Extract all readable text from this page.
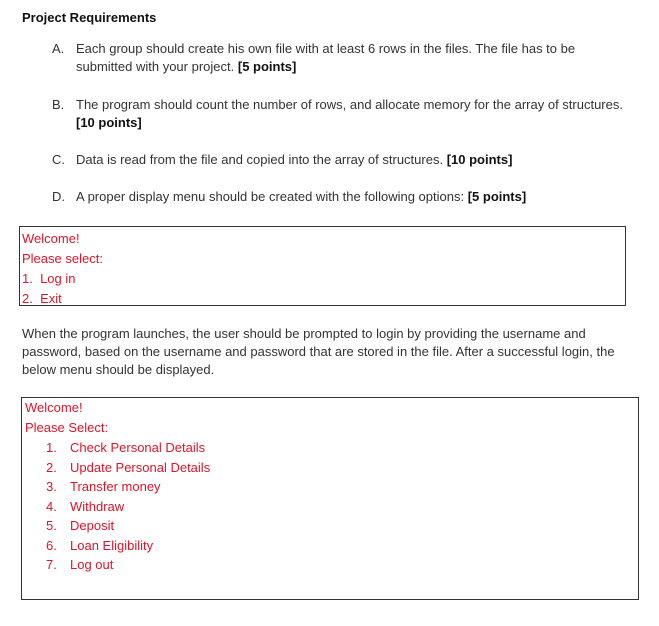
Project Requirements
A. Each group should create his own file with at least 6 rows in the files. The file has to be submitted with your project. [5 points]
B. The program should count the number of rows, and allocate memory for the array of structures. [10 points]
C. Data is read from the file and copied into the array of structures. [10 points]
D. A proper display menu should be created with the following options: [5 points]
Welcome!
Please select:
1. Log in
2. Exit
When the program launches, the user should be prompted to login by providing the username and password, based on the username and password that are stored in the file. After a successful login, the below menu should be displayed.
Welcome!
Please Select:
1. Check Personal Details
2. Update Personal Details
3. Transfer money
4. Withdraw
5. Deposit
6. Loan Eligibility
7. Log out
